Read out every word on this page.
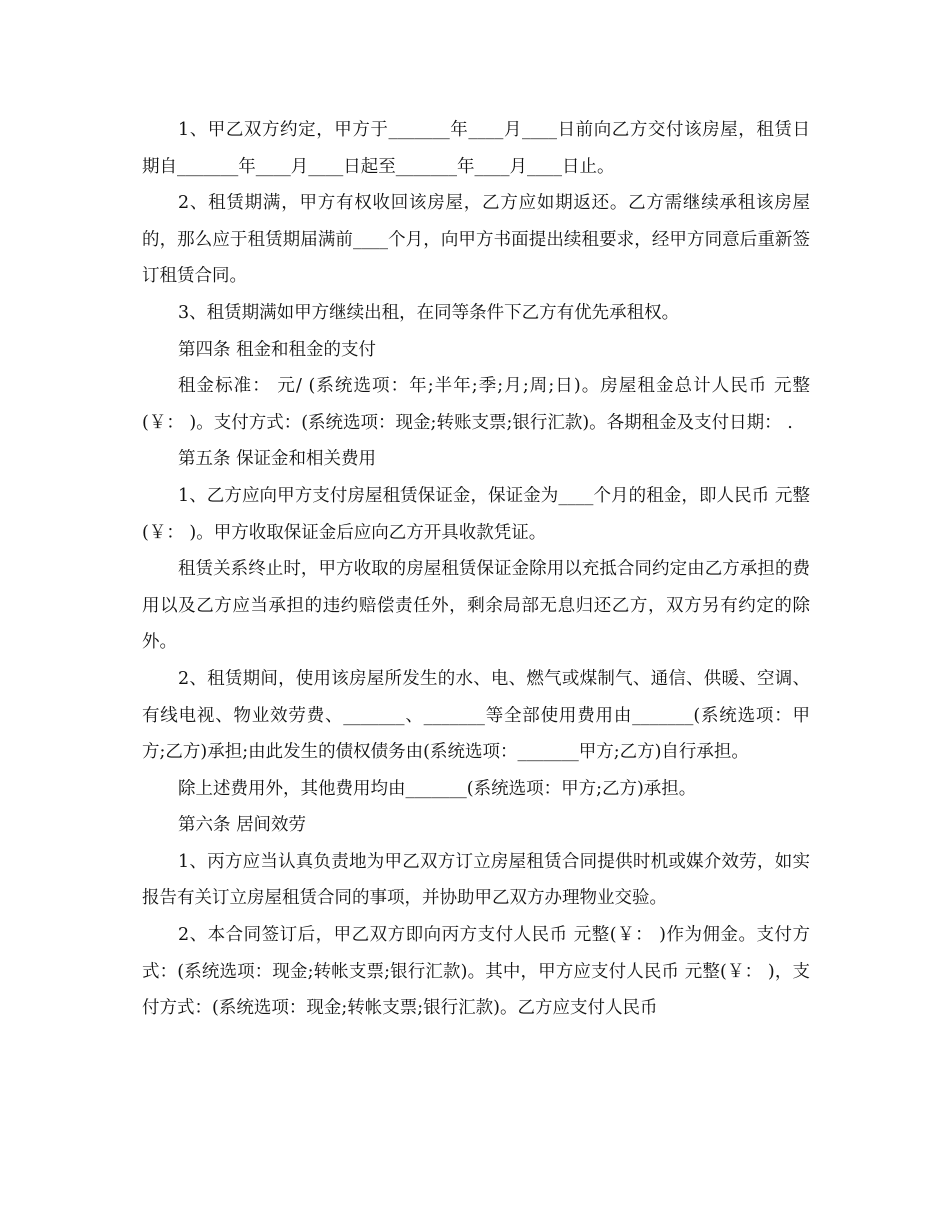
1、甲乙双方约定，甲方于_______年____月____日前向乙方交付该房屋，租赁日期自_______年____月____日起至_______年____月____日止。

2、租赁期满，甲方有权收回该房屋，乙方应如期返还。乙方需继续承租该房屋的，那么应于租赁期届满前____个月，向甲方书面提出续租要求，经甲方同意后重新签订租赁合同。

3、租赁期满如甲方继续出租，在同等条件下乙方有优先承租权。

第四条 租金和租金的支付

租金标准： 元/ (系统选项：年;半年;季;月;周;日)。房屋租金总计人民币 元整(￥： )。支付方式：(系统选项：现金;转账支票;银行汇款)。各期租金及支付日期： .

第五条 保证金和相关费用

1、乙方应向甲方支付房屋租赁保证金，保证金为____个月的租金，即人民币 元整(￥： )。甲方收取保证金后应向乙方开具收款凭证。

租赁关系终止时，甲方收取的房屋租赁保证金除用以充抵合同约定由乙方承担的费用以及乙方应当承担的违约赔偿责任外，剩余局部无息归还乙方，双方另有约定的除外。

2、租赁期间，使用该房屋所发生的水、电、燃气或煤制气、通信、供暖、空调、有线电视、物业效劳费、_______、_______等全部使用费用由_______(系统选项：甲方;乙方)承担;由此发生的债权债务由(系统选项：_______甲方;乙方)自行承担。

除上述费用外，其他费用均由_______(系统选项：甲方;乙方)承担。

第六条 居间效劳

1、丙方应当认真负责地为甲乙双方订立房屋租赁合同提供时机或媒介效劳，如实报告有关订立房屋租赁合同的事项，并协助甲乙双方办理物业交验。

2、本合同签订后，甲乙双方即向丙方支付人民币 元整(￥： )作为佣金。支付方式：(系统选项：现金;转帐支票;银行汇款)。其中，甲方应支付人民币 元整(￥： )，支付方式：(系统选项：现金;转帐支票;银行汇款)。乙方应支付人民币
